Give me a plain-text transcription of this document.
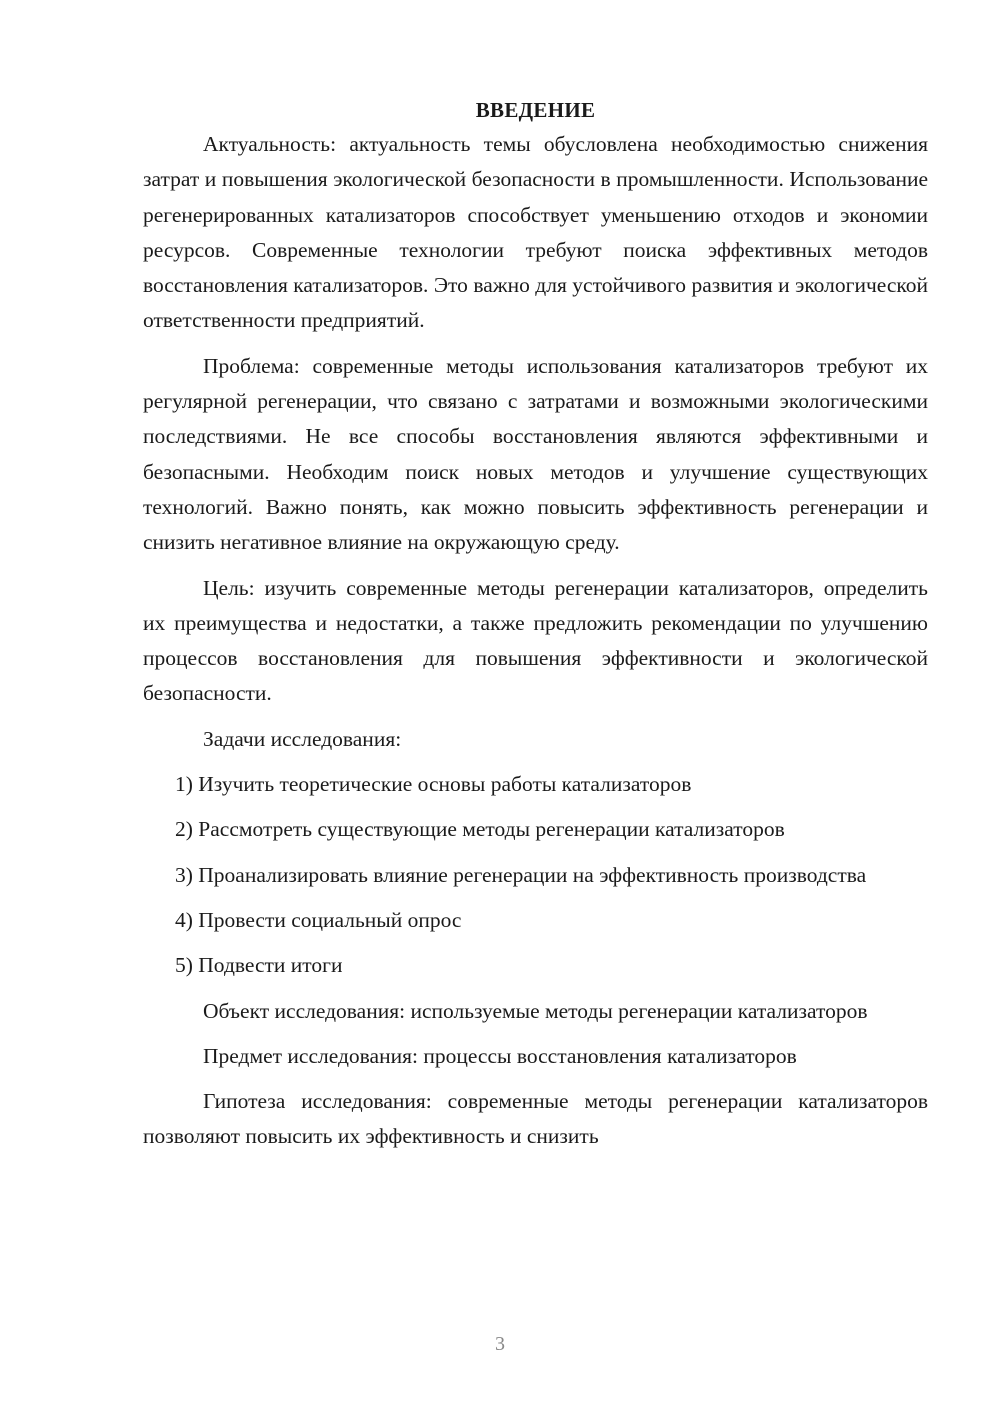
ВВЕДЕНИЕ

Актуальность: актуальность темы обусловлена необходимостью снижения затрат и повышения экологической безопасности в промышленности. Использование регенерированных катализаторов способствует уменьшению отходов и экономии ресурсов. Современные технологии требуют поиска эффективных методов восстановления катализаторов. Это важно для устойчивого развития и экологической ответственности предприятий.

Проблема: современные методы использования катализаторов требуют их регулярной регенерации, что связано с затратами и возможными экологическими последствиями. Не все способы восстановления являются эффективными и безопасными. Необходим поиск новых методов и улучшение существующих технологий. Важно понять, как можно повысить эффективность регенерации и снизить негативное влияние на окружающую среду.

Цель: изучить современные методы регенерации катализаторов, определить их преимущества и недостатки, а также предложить рекомендации по улучшению процессов восстановления для повышения эффективности и экологической безопасности.

Задачи исследования:

1) Изучить теоретические основы работы катализаторов

2) Рассмотреть существующие методы регенерации катализаторов

3) Проанализировать влияние регенерации на эффективность производства

4) Провести социальный опрос

5) Подвести итоги

Объект исследования: используемые методы регенерации катализаторов

Предмет исследования: процессы восстановления катализаторов

Гипотеза исследования: современные методы регенерации катализаторов позволяют повысить их эффективность и снизить

3
